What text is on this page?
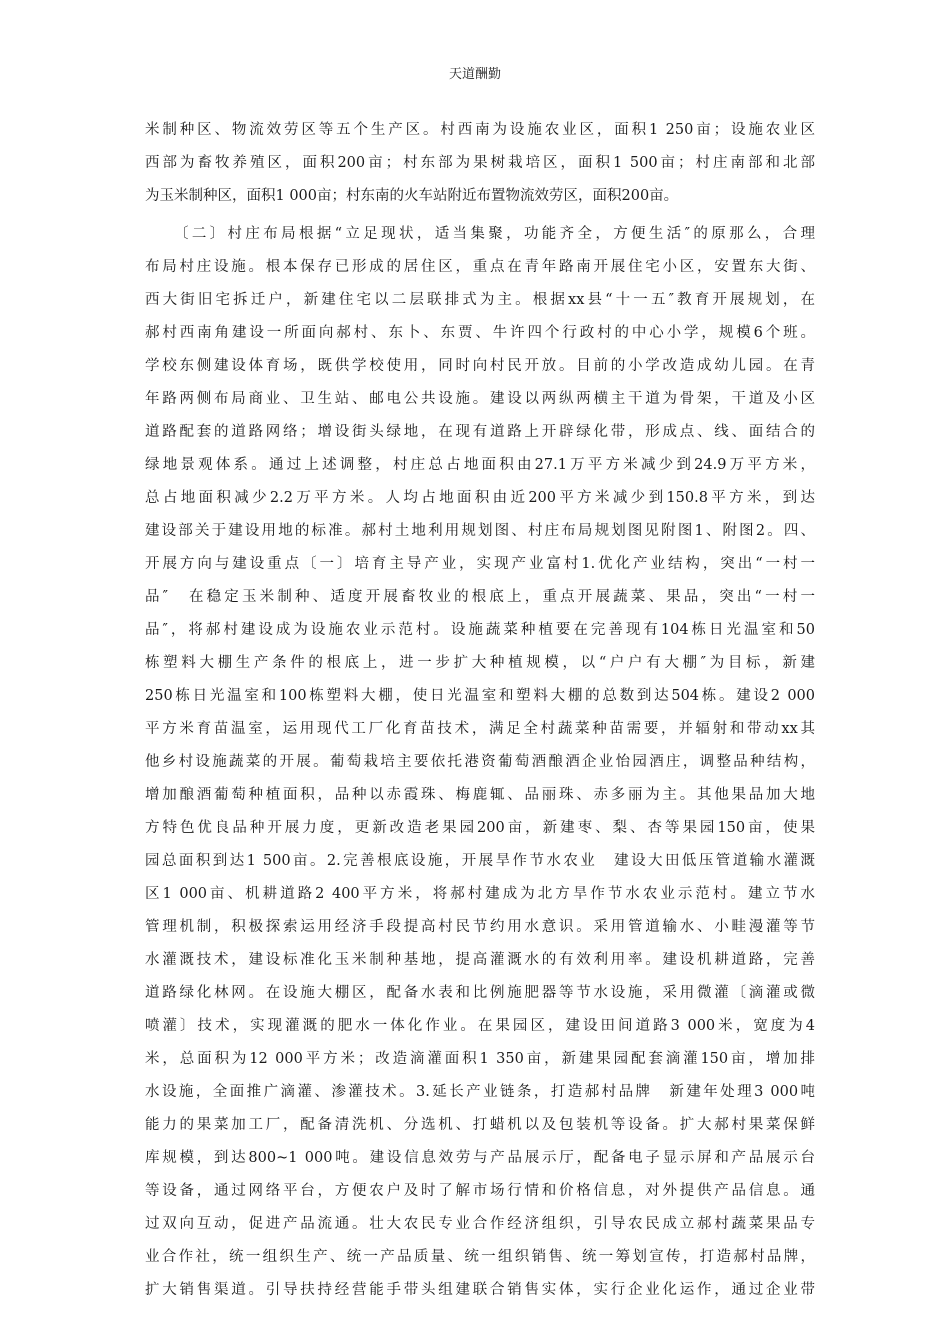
天道酬勤
米制种区、物流效劳区等五个生产区。村西南为设施农业区，面积1 250亩；设施农业区
西部为畜牧养殖区，面积200亩；村东部为果树栽培区，面积1 500亩；村庄南部和北部
为玉米制种区，面积1 000亩；村东南的火车站附近布置物流效劳区，面积200亩。
〔二〕村庄布局根据“立足现状，适当集聚，功能齐全，方便生活″的原那么，合理
布局村庄设施。根本保存已形成的居住区，重点在青年路南开展住宅小区，安置东大街、
西大街旧宅拆迁户，新建住宅以二层联排式为主。根据xx县“十一五″教育开展规划，在
郝村西南角建设一所面向郝村、东卜、东贾、牛许四个行政村的中心小学，规模6个班。
学校东侧建设体育场，既供学校使用，同时向村民开放。目前的小学改造成幼儿园。在青
年路两侧布局商业、卫生站、邮电公共设施。建设以两纵两横主干道为骨架，干道及小区
道路配套的道路网络；增设街头绿地，在现有道路上开辟绿化带，形成点、线、面结合的
绿地景观体系。通过上述调整，村庄总占地面积由27.1万平方米减少到24.9万平方米，
总占地面积减少2.2万平方米。人均占地面积由近200平方米减少到150.8平方米，到达
建设部关于建设用地的标准。郝村土地利用规划图、村庄布局规划图见附图1、附图2。四、
开展方向与建设重点〔一〕培育主导产业，实现产业富村1.优化产业结构，突出“一村一
品″　在稳定玉米制种、适度开展畜牧业的根底上，重点开展蔬菜、果品，突出“一村一
品″，将郝村建设成为设施农业示范村。设施蔬菜种植要在完善现有104栋日光温室和50
栋塑料大棚生产条件的根底上，进一步扩大种植规模，以“户户有大棚″为目标，新建
250栋日光温室和100栋塑料大棚，使日光温室和塑料大棚的总数到达504栋。建设2 000
平方米育苗温室，运用现代工厂化育苗技术，满足全村蔬菜种苗需要，并辐射和带动xx其
他乡村设施蔬菜的开展。葡萄栽培主要依托港资葡萄酒酿酒企业怡园酒庄，调整品种结构，
增加酿酒葡萄种植面积，品种以赤霞珠、梅鹿辄、品丽珠、赤多丽为主。其他果品加大地
方特色优良品种开展力度，更新改造老果园200亩，新建枣、梨、杏等果园150亩，使果
园总面积到达1 500亩。2.完善根底设施，开展旱作节水农业　建设大田低压管道输水灌溉
区1 000亩、机耕道路2 400平方米，将郝村建成为北方旱作节水农业示范村。建立节水
管理机制，积极探索运用经济手段提高村民节约用水意识。采用管道输水、小畦漫灌等节
水灌溉技术，建设标准化玉米制种基地，提高灌溉水的有效利用率。建设机耕道路，完善
道路绿化林网。在设施大棚区，配备水表和比例施肥器等节水设施，采用微灌〔滴灌或微
喷灌〕技术，实现灌溉的肥水一体化作业。在果园区，建设田间道路3 000米，宽度为4
米，总面积为12 000平方米；改造滴灌面积1 350亩，新建果园配套滴灌150亩，增加排
水设施，全面推广滴灌、渗灌技术。3.延长产业链条，打造郝村品牌　新建年处理3 000吨
能力的果菜加工厂，配备清洗机、分选机、打蜡机以及包装机等设备。扩大郝村果菜保鲜
库规模，到达800~1 000吨。建设信息效劳与产品展示厅，配备电子显示屏和产品展示台
等设备，通过网络平台，方便农户及时了解市场行情和价格信息，对外提供产品信息。通
过双向互动，促进产品流通。壮大农民专业合作经济组织，引导农民成立郝村蔬菜果品专
业合作社，统一组织生产、统一产品质量、统一组织销售、统一筹划宣传，打造郝村品牌，
扩大销售渠道。引导扶持经营能手带头组建联合销售实体，实行企业化运作，通过企业带
